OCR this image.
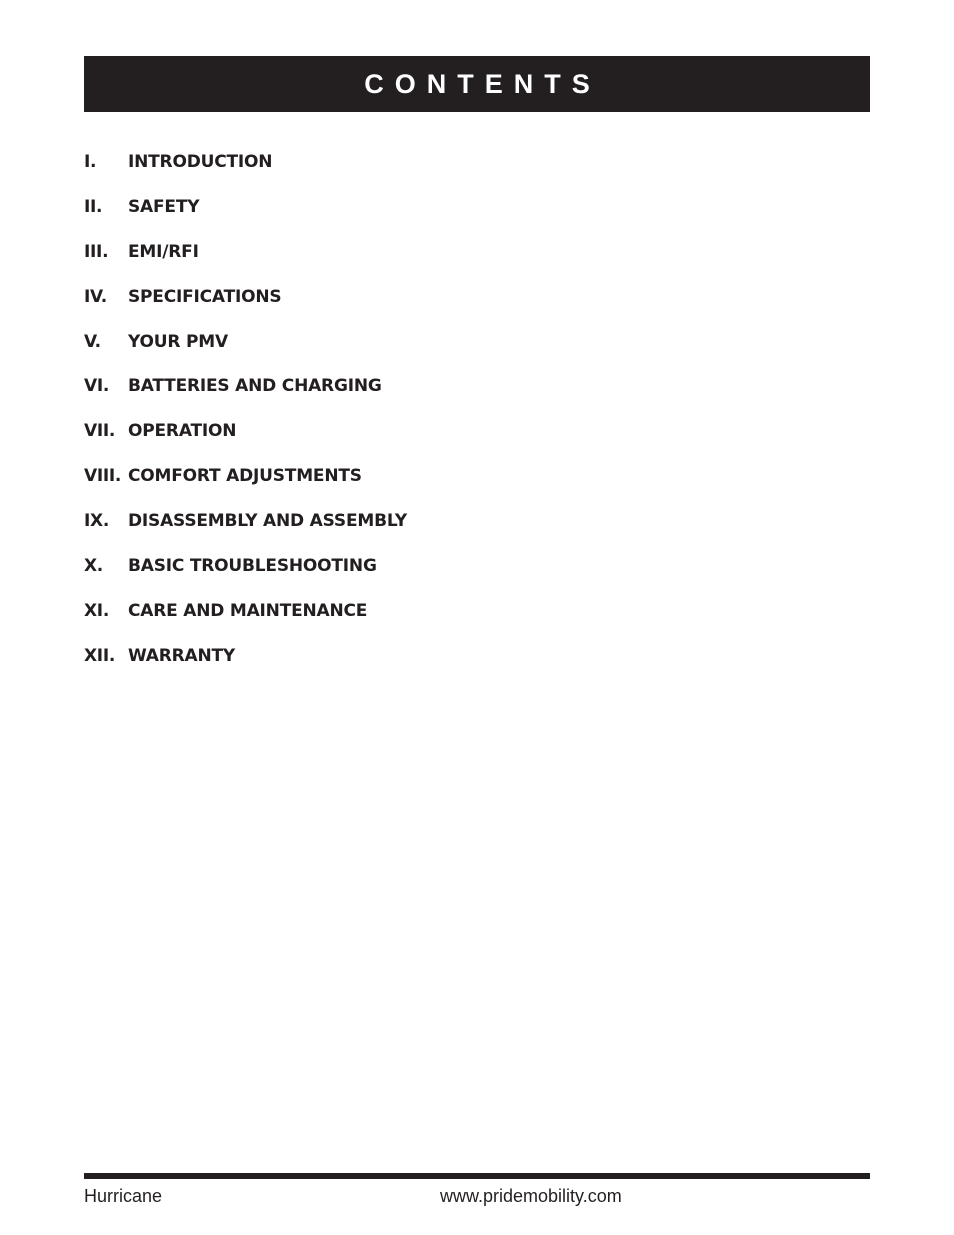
CONTENTS
I.	INTRODUCTION
II.	SAFETY
III.	EMI/RFI
IV.	SPECIFICATIONS
V.	YOUR PMV
VI.	BATTERIES AND CHARGING
VII. OPERATION
VIII. COMFORT ADJUSTMENTS
IX.	DISASSEMBLY AND ASSEMBLY
X.	BASIC TROUBLESHOOTING
XI.	CARE AND MAINTENANCE
XII. WARRANTY
Hurricane	www.pridemobility.com
